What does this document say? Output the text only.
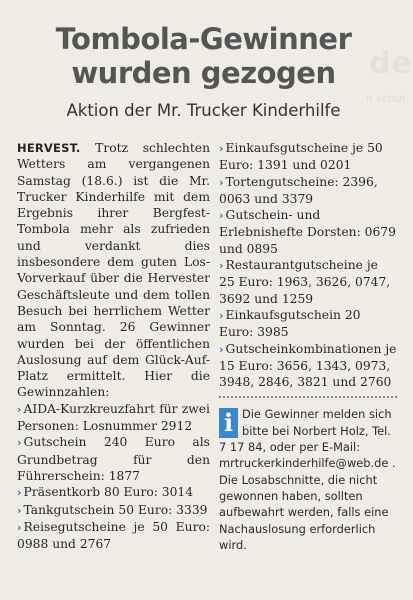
de
n schul
Tombola-Gewinner
wurden gezogen
Aktion der Mr. Trucker Kinderhilfe

HERVEST. Trotz schlechten Wetters am vergangenen Samstag (18.6.) ist die Mr. Trucker Kinderhilfe mit dem Ergebnis ihrer Bergfest-Tombola mehr als zufrieden und	verdankt dies insbesondere dem guten Los-Vorverkauf über die Hervester Geschäftsleute und dem tollen Besuch bei herrlichem Wetter am Sonntag. 26 Gewinner wurden bei der öffentlichen Auslosung auf dem Glück-Auf-Platz ermittelt. Hier die Gewinnzahlen:

› AIDA-Kurzkreuzfahrt für zwei Personen: Losnummer 2912

› Gutschein 240 Euro als Grundbetrag für den Führerschein: 1877

› Präsentkorb 80 Euro: 3014

› Tankgutschein 50 Euro: 3339

› Reisegutscheine je 50 Euro: 0988 und 2767

› Einkaufsgutscheine je 50 Euro: 1391 und 0201

› Tortengutscheine: 2396, 0063 und 3379

› Gutschein- und Erlebnishefte Dorsten: 0679 und 0895

› Restaurantgutscheine je 25 Euro: 1963, 3626, 0747, 3692 und 1259

› Einkaufsgutschein 20 Euro: 3985

› Gutscheinkombinationen je 15 Euro: 3656, 1343, 0973, 3948, 2846, 3821 und 2760

i Die Gewinner melden sich bitte bei Norbert Holz, Tel. 7 17 84, oder per E-Mail: mrtruckerkinderhilfe@web.de . Die Losabschnitte, die nicht gewonnen haben, sollten aufbewahrt werden, falls eine Nachauslosung erforderlich wird.
